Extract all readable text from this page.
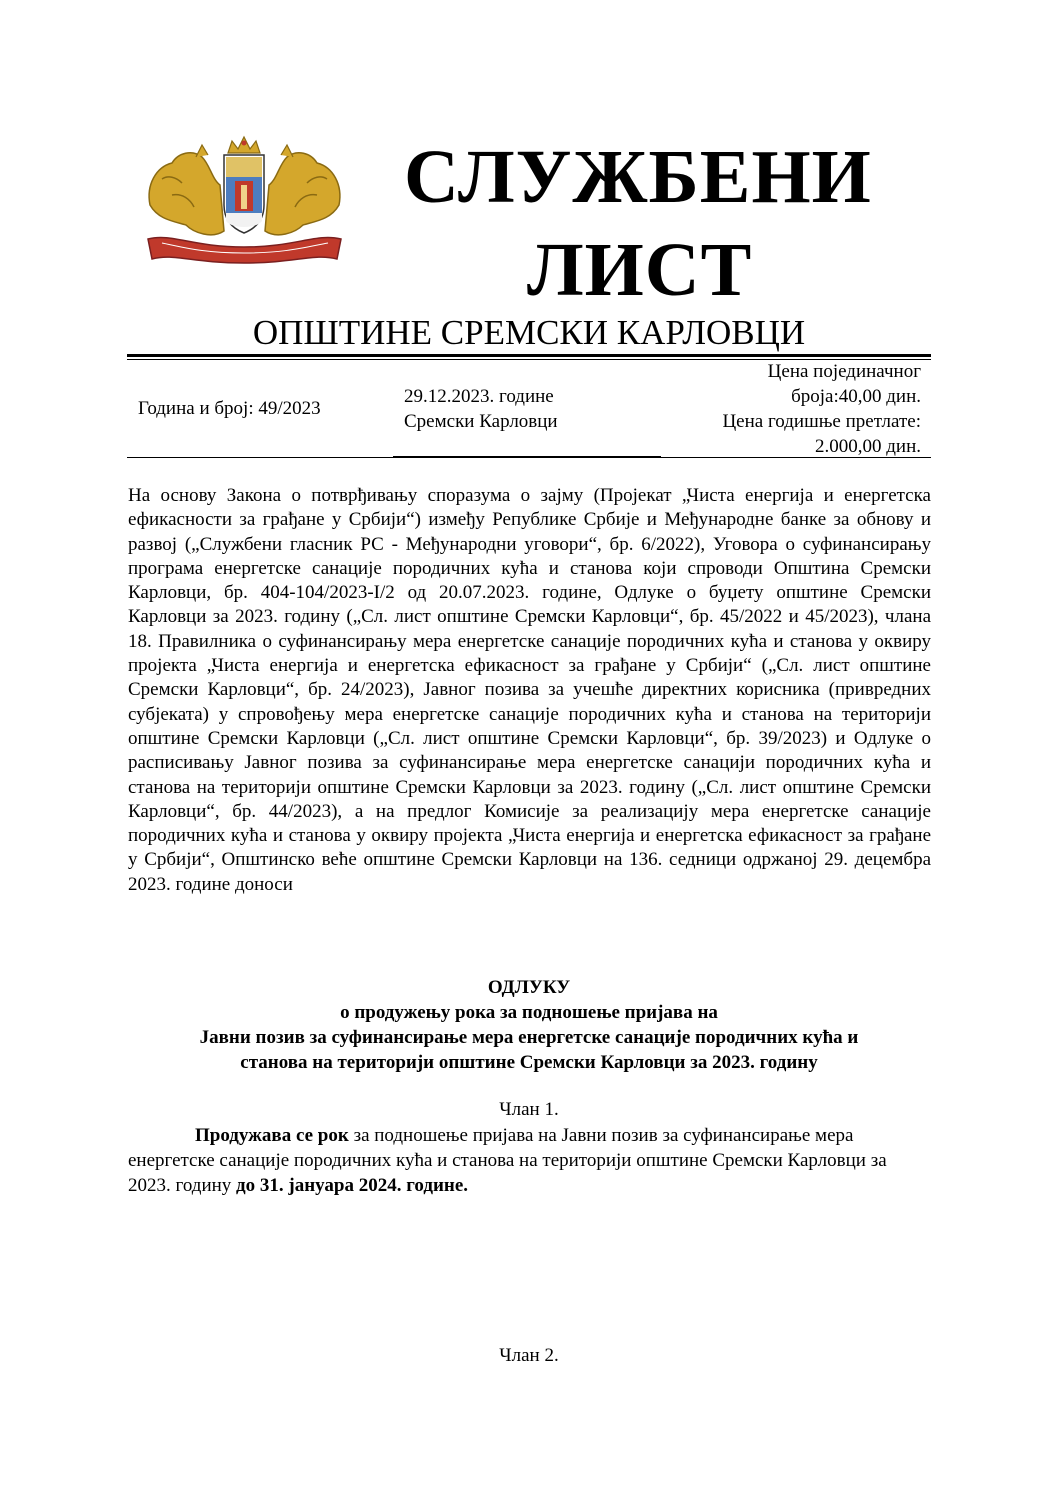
СЛУЖБЕНИ
ЛИСТ
ОПШТИНЕ СРЕМСКИ КАРЛОВЦИ
Година и број: 49/2023
29.12.2023. године
Сремски Карловци
Цена појединачног
броја:40,00 дин.
Цена годишње претлате:
2.000,00 дин.
На основу Закона о потврђивању споразума о зајму (Пројекат „Чиста енергија и енергетска ефикасности за грађане у Србији“) између Републике Србије и Међународне банке за обнову и развој („Службени гласник РС - Међународни уговори“, бр. 6/2022), Уговора о суфинансирању програма енергетске санације породичних кућа и станова који спроводи Општина Сремски Карловци, бр. 404-104/2023-I/2 од 20.07.2023. године, Одлуке о буџету општине Сремски Карловци за 2023. годину („Сл. лист општине Сремски Карловци“, бр. 45/2022 и 45/2023), члана 18. Правилника о суфинансирању мера енергетске санације породичних кућа и станова у оквиру пројекта „Чиста енергија и енергетска ефикасност за грађане у Србији“ („Сл. лист општине Сремски Карловци“, бр. 24/2023), Јавног позива за учешће директних корисника (привредних субјеката) у спровођењу мера енергетске санације породичних кућа и станова на територији општине Сремски Карловци („Сл. лист општине Сремски Карловци“, бр. 39/2023) и Одлуке о расписивању Јавног позива за суфинансирање мера енергетске санацији породичних кућа и станова на територији општине Сремски Карловци за 2023. годину („Сл. лист општине Сремски Карловци“, бр. 44/2023), а на предлог Комисије за реализацију мера енергетске санације породичних кућа и станова у оквиру пројекта „Чиста енергија и енергетска ефикасност за грађане у Србији“, Општинско веће општине Сремски Карловци на 136. седници одржаној 29. децембра 2023. године доноси
ОДЛУКУ
о продужењу рока за подношење пријава на
Јавни позив за суфинансирање мера енергетске санације породичних кућа и
станова на територији општине Сремски Карловци за 2023. годину
Члан 1.
Продужава се рок за подношење пријава на Јавни позив за суфинансирање мера енергетске санације породичних кућа и станова на територији општине Сремски Карловци за 2023. годину до 31. јануара 2024. године.
Члан 2.
